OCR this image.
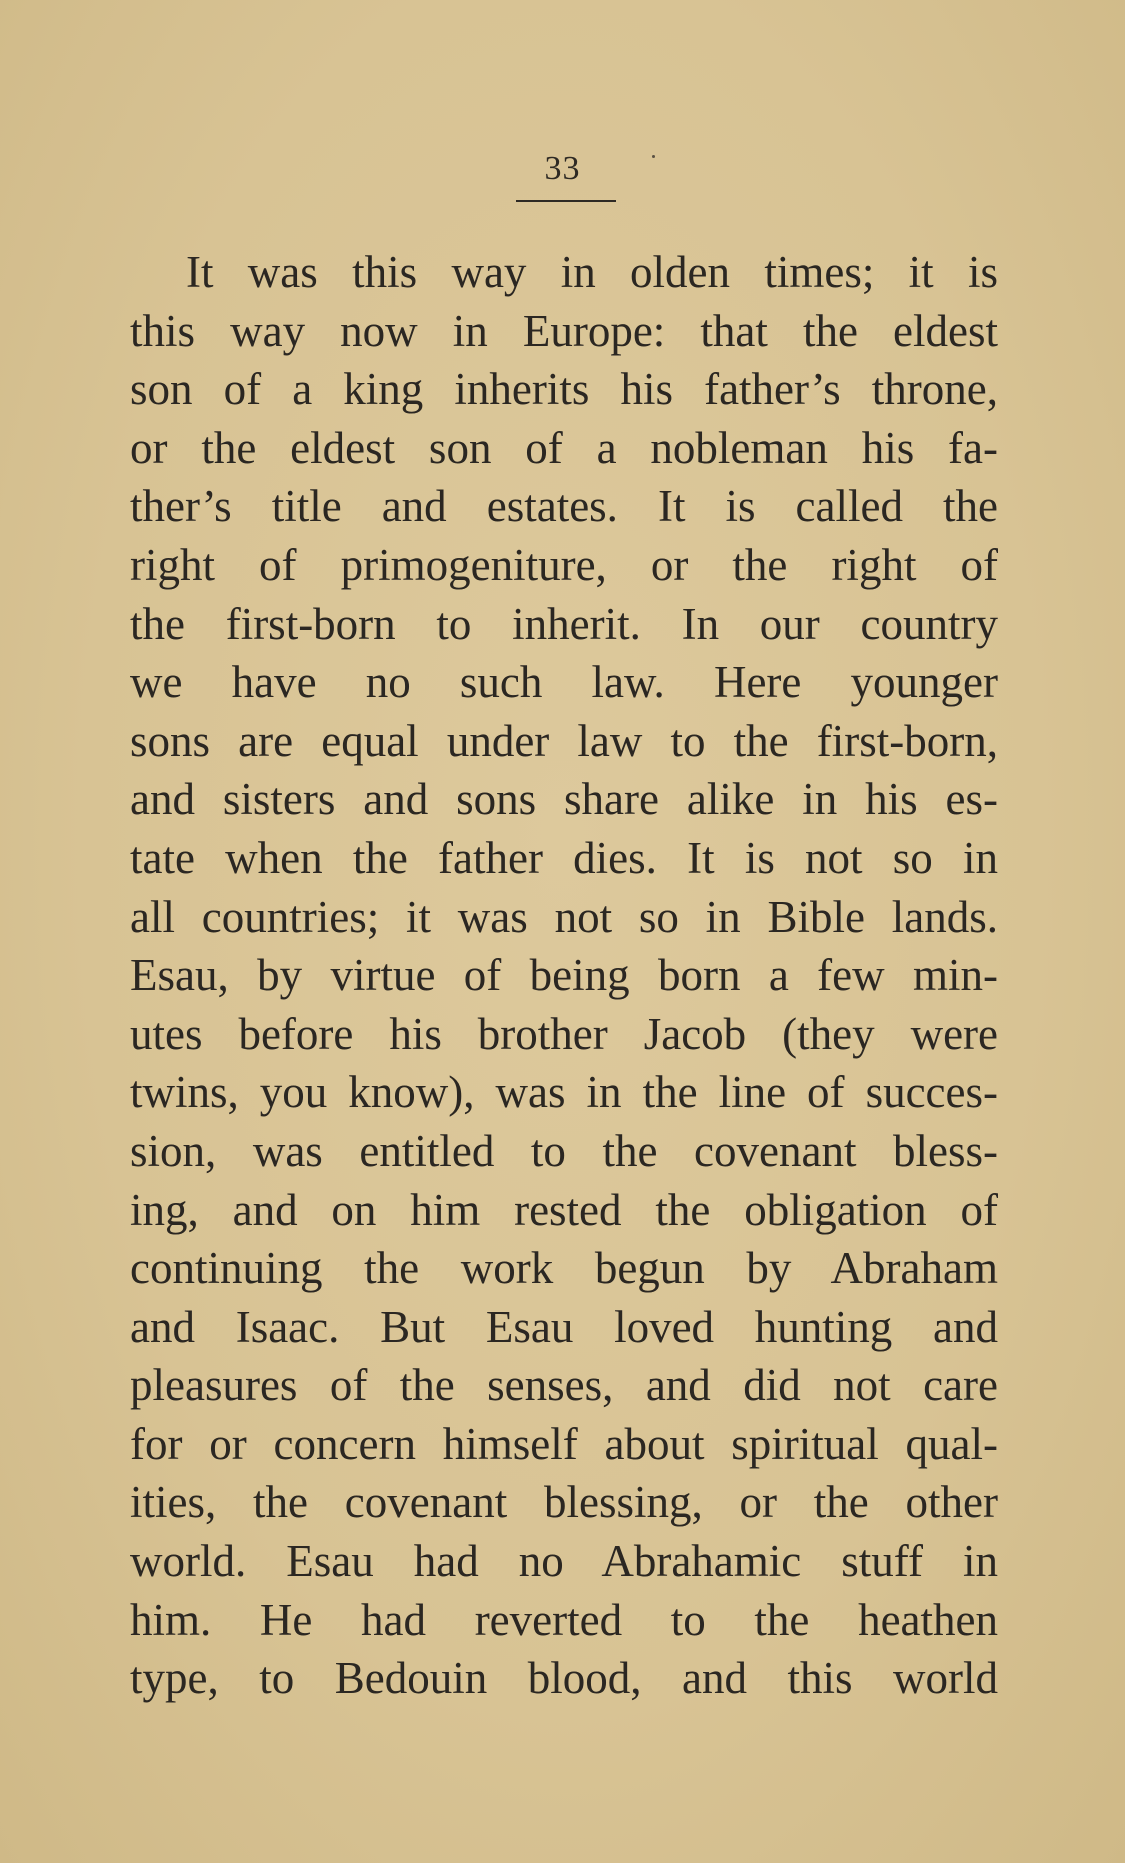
33
It was this way in olden times; it is
this way now in Europe: that the eldest
son of a king inherits his father’s throne,
or the eldest son of a nobleman his fa-
ther’s title and estates. It is called the
right of primogeniture, or the right of
the first-born to inherit. In our country
we have no such law. Here younger
sons are equal under law to the first-born,
and sisters and sons share alike in his es-
tate when the father dies. It is not so in
all countries; it was not so in Bible lands.
Esau, by virtue of being born a few min-
utes before his brother Jacob (they were
twins, you know), was in the line of succes-
sion, was entitled to the covenant bless-
ing, and on him rested the obligation of
continuing the work begun by Abraham
and Isaac. But Esau loved hunting and
pleasures of the senses, and did not care
for or concern himself about spiritual qual-
ities, the covenant blessing, or the other
world. Esau had no Abrahamic stuff in
him. He had reverted to the heathen
type, to Bedouin blood, and this world
